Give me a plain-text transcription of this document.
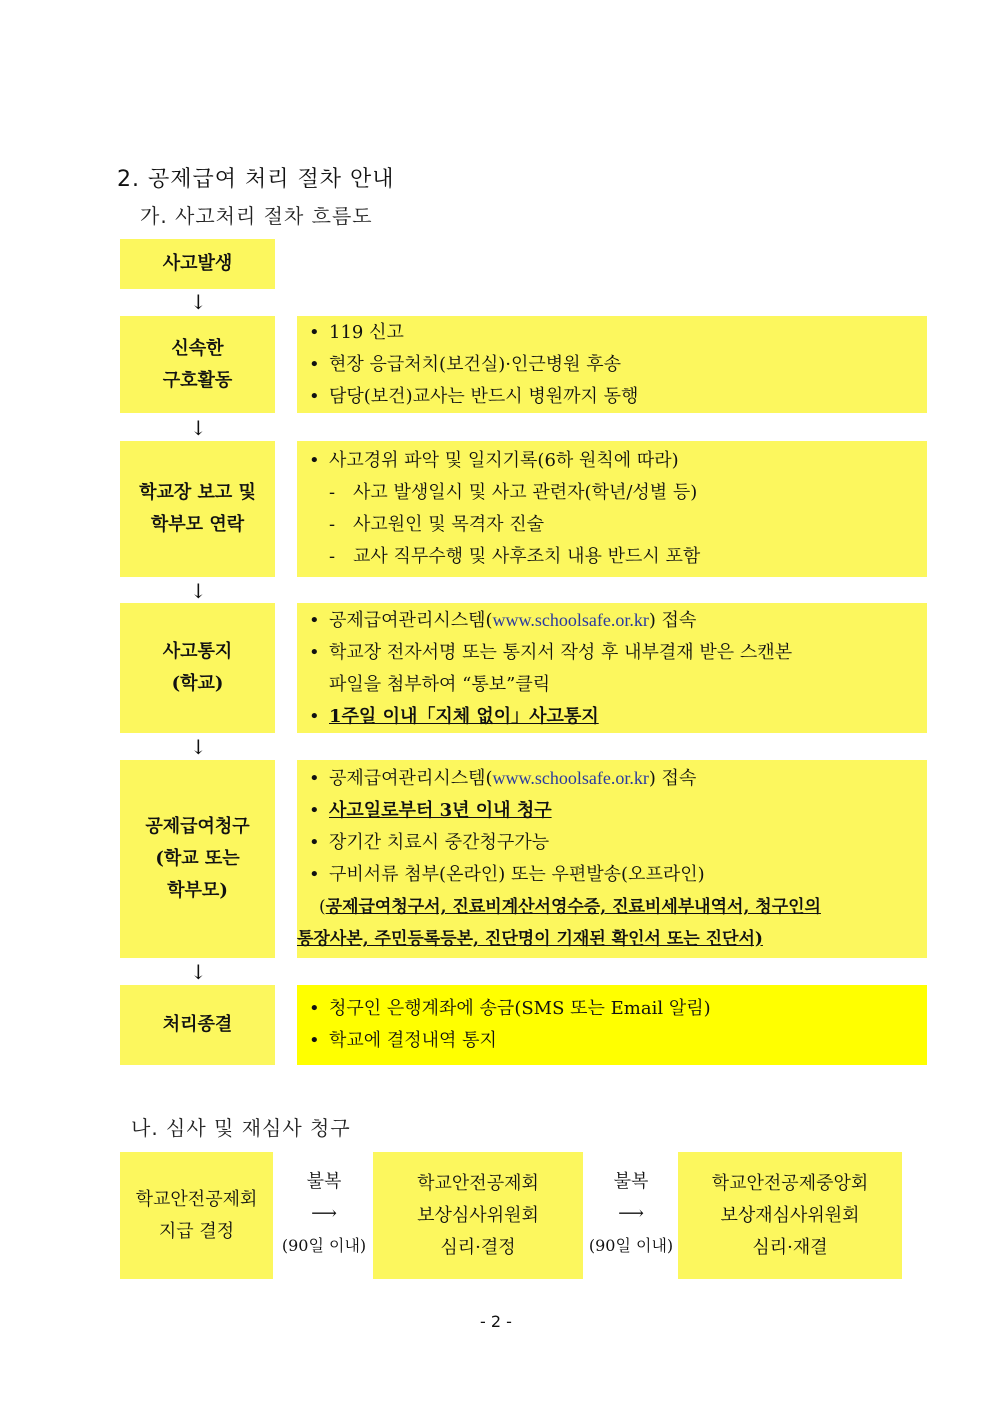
2. 공제급여 처리 절차 안내
가. 사고처리 절차 흐름도
사고발생
↓
신속한
구호활동
• 119 신고
• 현장 응급처치(보건실)·인근병원 후송
• 담당(보건)교사는 반드시 병원까지 동행
↓
학교장 보고 및
학부모 연락
• 사고경위 파악 및 일지기록(6하 원칙에 따라)
- 사고 발생일시 및 사고 관련자(학년/성별 등)
- 사고원인 및 목격자 진술
- 교사 직무수행 및 사후조치 내용 반드시 포함
↓
사고통지
(학교)
• 공제급여관리시스템(www.schoolsafe.or.kr) 접속
• 학교장 전자서명 또는 통지서 작성 후 내부결재 받은 스캔본
파일을 첨부하여 “통보”클릭
• 1주일 이내「지체 없이」사고통지
↓
공제급여청구
(학교 또는
학부모)
• 공제급여관리시스템(www.schoolsafe.or.kr) 접속
• 사고일로부터 3년 이내 청구
• 장기간 치료시 중간청구가능
• 구비서류 첨부(온라인) 또는 우편발송(오프라인)
(공제급여청구서, 진료비계산서영수증, 진료비세부내역서, 청구인의
통장사본, 주민등록등본, 진단명이 기재된 확인서 또는 진단서)
↓
처리종결
• 청구인 은행계좌에 송금(SMS 또는 Email 알림)
• 학교에 결정내역 통지
나. 심사 및 재심사 청구
학교안전공제회
지급 결정
불복
⟶
(90일 이내)
학교안전공제회
보상심사위원회
심리·결정
불복
⟶
(90일 이내)
학교안전공제중앙회
보상재심사위원회
심리·재결
- 2 -
